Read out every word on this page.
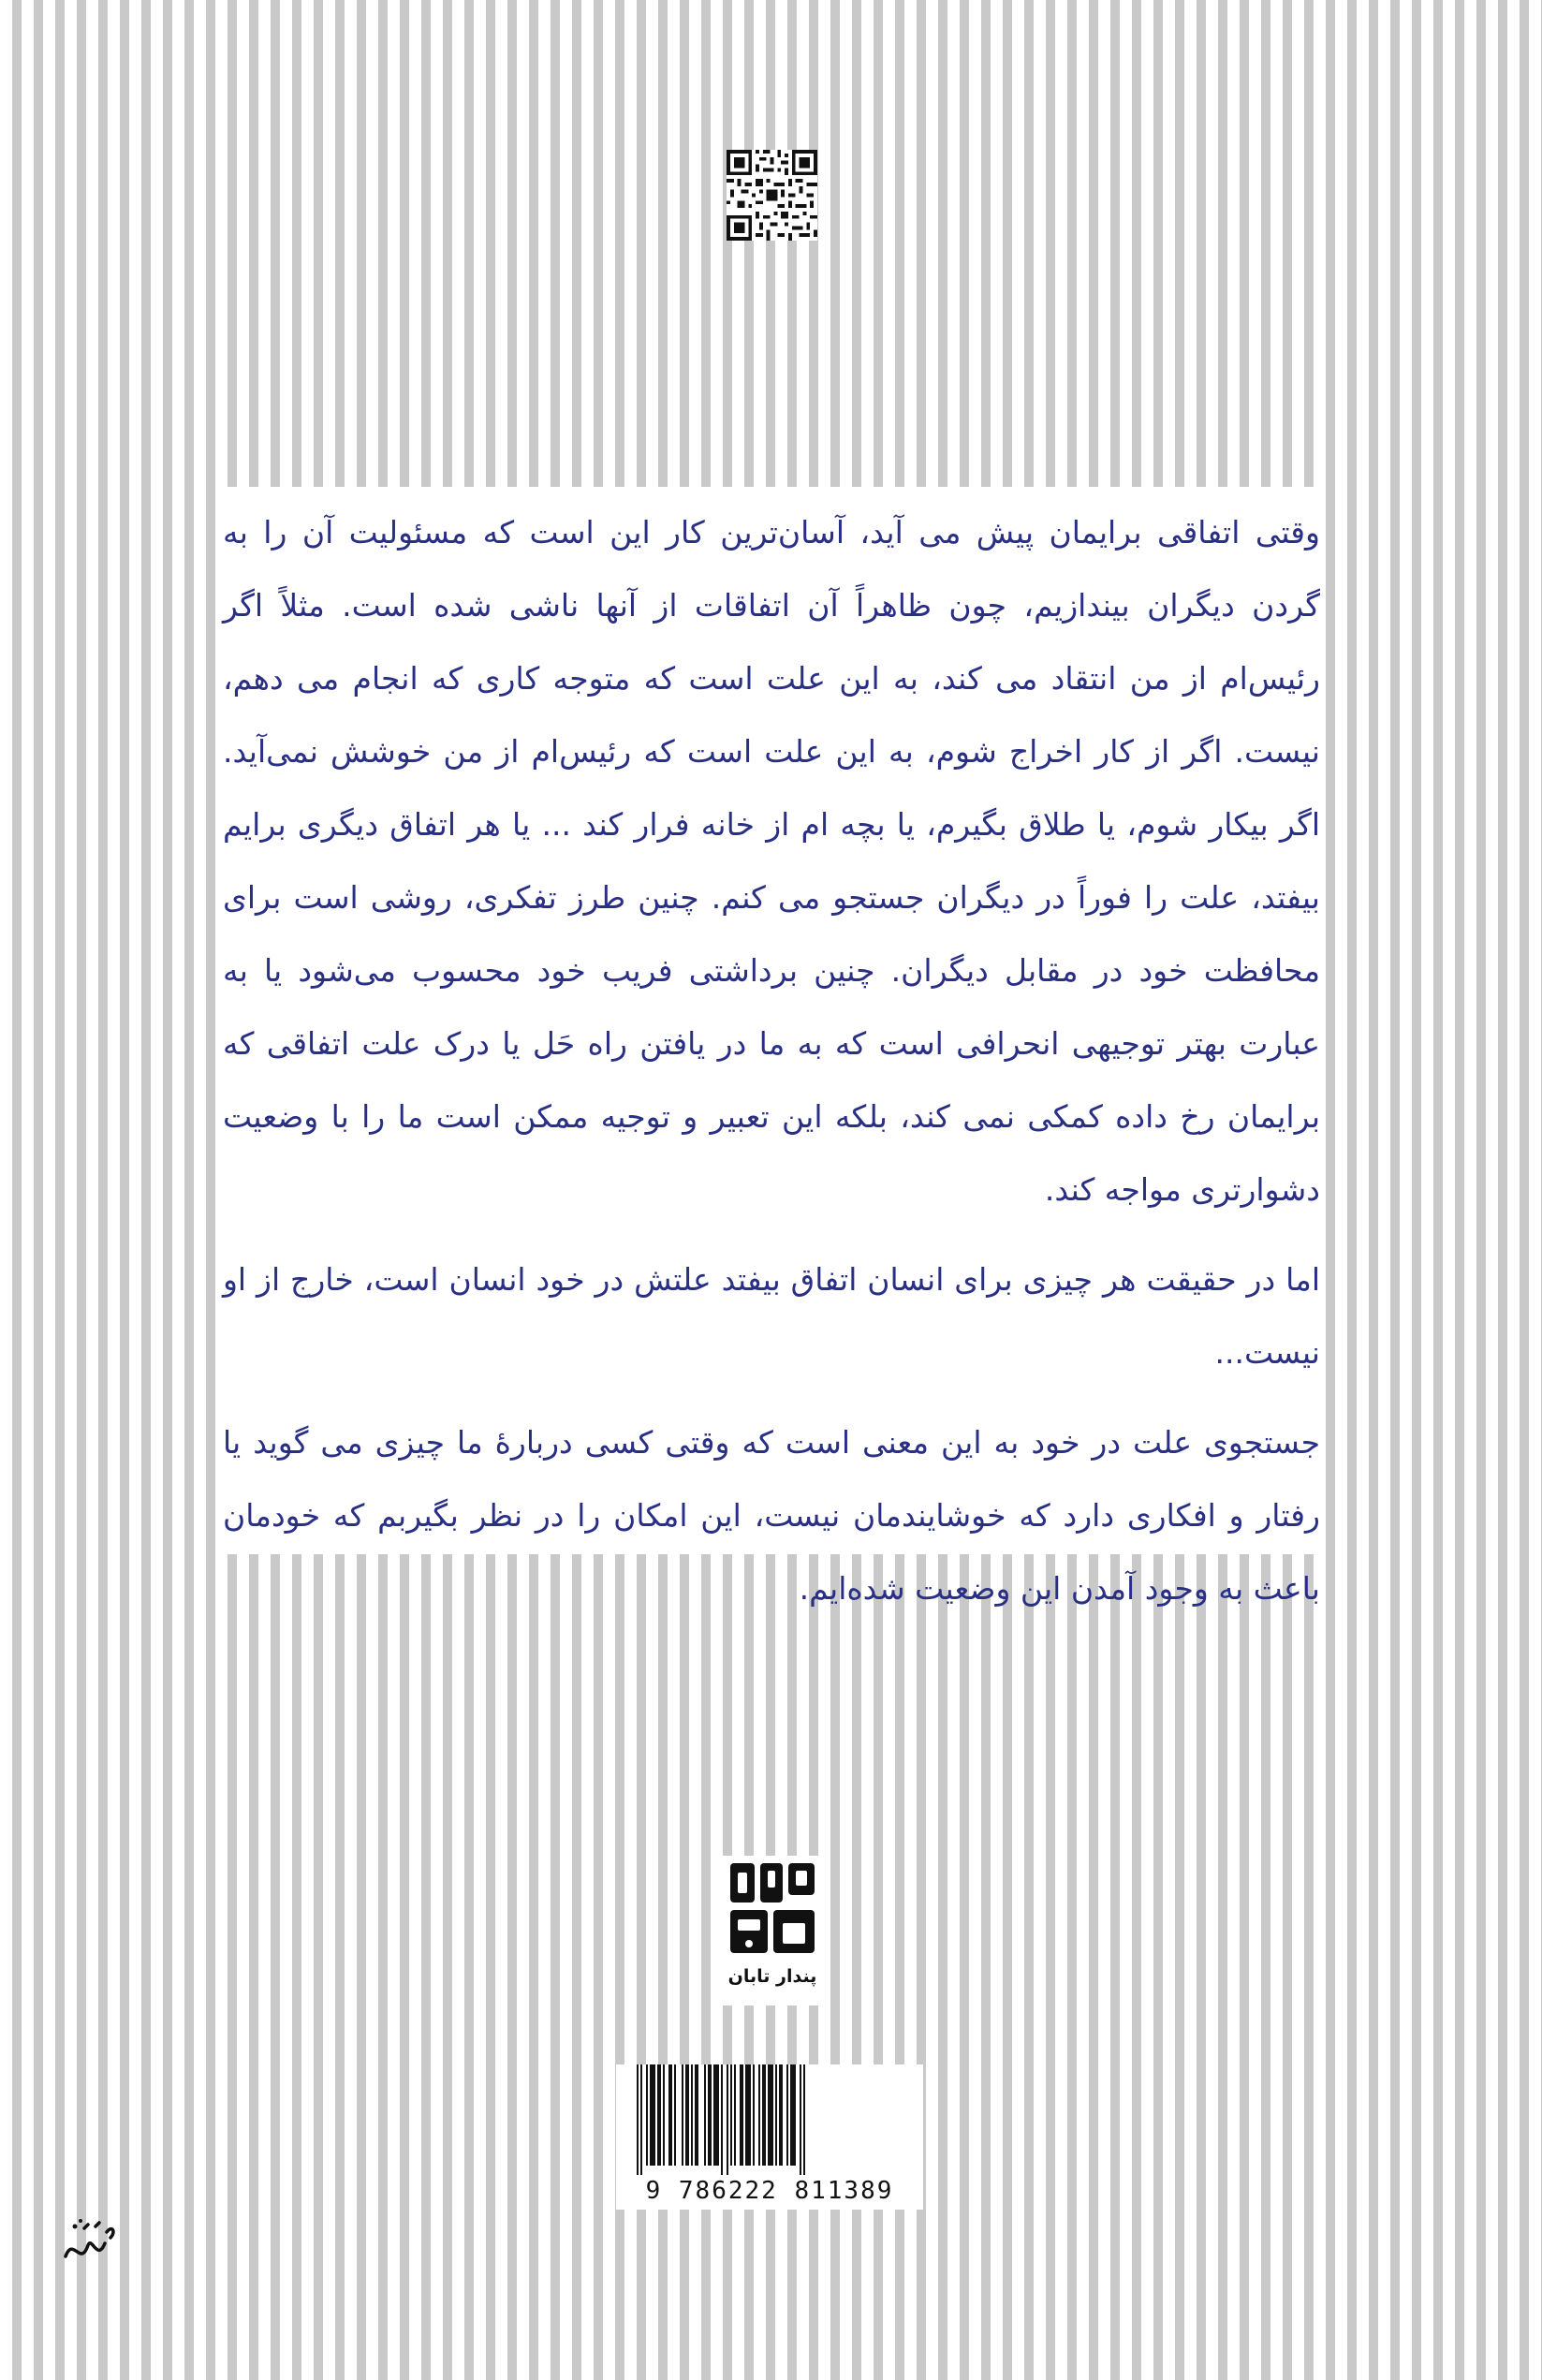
وقتی اتفاقی برایمان پیش می آید، آسان‌ترین کار این است که مسئولیت آن را به گردن دیگران بیندازیم، چون ظاهراً آن اتفاقات از آنها ناشی شده است. مثلاً اگر رئیس‌ام از من انتقاد می کند، به این علت است که متوجه کاری که انجام می دهم، نیست. اگر از کار اخراج شوم، به این علت است که رئیس‌ام از من خوشش نمی‌آید. اگر بیکار شوم، یا طلاق بگیرم، یا بچه ام از خانه فرار کند ... یا هر اتفاق دیگری برایم بیفتد، علت را فوراً در دیگران جستجو می کنم. چنین طرز تفکری، روشی است برای محافظت خود در مقابل دیگران. چنین برداشتی فریب خود محسوب می‌شود یا به عبارت بهتر توجیهی انحرافی است که به ما در یافتن راه حَل یا درک علت اتفاقی که برایمان رخ داده کمکی نمی کند، بلکه این تعبیر و توجیه ممکن است ما را با وضعیت دشوارتری مواجه کند.

اما در حقیقت هر چیزی برای انسان اتفاق بیفتد علتش در خود انسان است، خارج از او نیست...

جستجوی علت در خود به این معنی است که وقتی کسی دربارهٔ ما چیزی می گوید یا رفتار و افکاری دارد که خوشایندمان نیست، این امکان را در نظر بگیربم که خودمان باعث به وجود آمدن این وضعیت شده‌ایم.

پندار تابان
9 786222 811389
